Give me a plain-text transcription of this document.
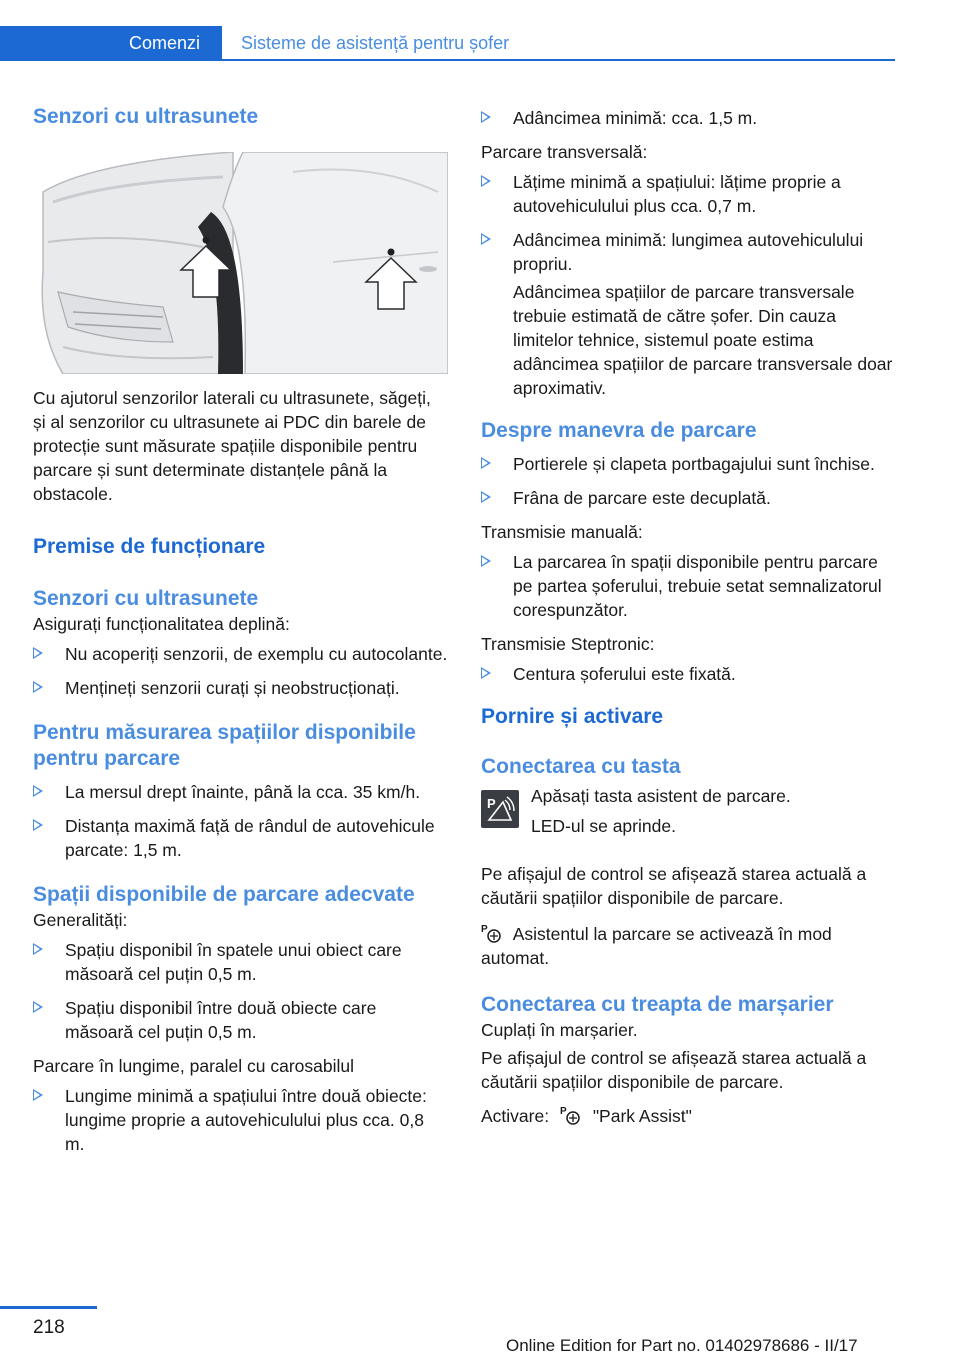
Comenzi	Sisteme de asistență pentru șofer
Senzori cu ultrasunete

Cu ajutorul senzorilor laterali cu ultrasunete, săgeți, și al senzorilor cu ultrasunete ai PDC din barele de protecție sunt măsurate spațiile disponibile pentru parcare și sunt determinate distanțele până la obstacole.

Premise de funcționare
Senzori cu ultrasunete

Asigurați funcționalitatea deplină:

Nu acoperiți senzorii, de exemplu cu autocolante.
Mențineți senzorii curați și neobstrucționați.
Pentru măsurarea spațiilor disponibile pentru parcare
La mersul drept înainte, până la cca. 35 km/h.
Distanța maximă față de rândul de autovehicule parcate: 1,5 m.
Spații disponibile de parcare adecvate

Generalități:

Spațiu disponibil în spatele unui obiect care măsoară cel puțin 0,5 m.
Spațiu disponibil între două obiecte care măsoară cel puțin 0,5 m.

Parcare în lungime, paralel cu carosabilul

Lungime minimă a spațiului între două obiecte: lungime proprie a autovehiculului plus cca. 0,8 m.
Adâncimea minimă: cca. 1,5 m.

Parcare transversală:

Lățime minimă a spațiului: lățime proprie a autovehiculului plus cca. 0,7 m.
Adâncimea minimă: lungimea autovehiculului propriu.

Adâncimea spațiilor de parcare transversale trebuie estimată de către șofer. Din cauza limitelor tehnice, sistemul poate estima adâncimea spațiilor de parcare transversale doar aproximativ.

Despre manevra de parcare
Portierele și clapeta portbagajului sunt închise.
Frâna de parcare este decuplată.

Transmisie manuală:

La parcarea în spații disponibile pentru parcare pe partea șoferului, trebuie setat semnalizatorul corespunzător.

Transmisie Steptronic:

Centura șoferului este fixată.
Pornire și activare
Conectarea cu tasta
P Apăsați tasta asistent de parcare.

LED-ul se aprinde.

Pe afișajul de control se afișează starea actuală a căutării spațiilor disponibile de parcare.

P Asistentul la parcare se activează în mod automat.

Conectarea cu treapta de marșarier

Cuplați în marșarier.

Pe afișajul de control se afișează starea actuală a căutării spațiilor disponibile de parcare.

Activare: P "Park Assist"

218
Online Edition for Part no. 01402978686 - II/17
